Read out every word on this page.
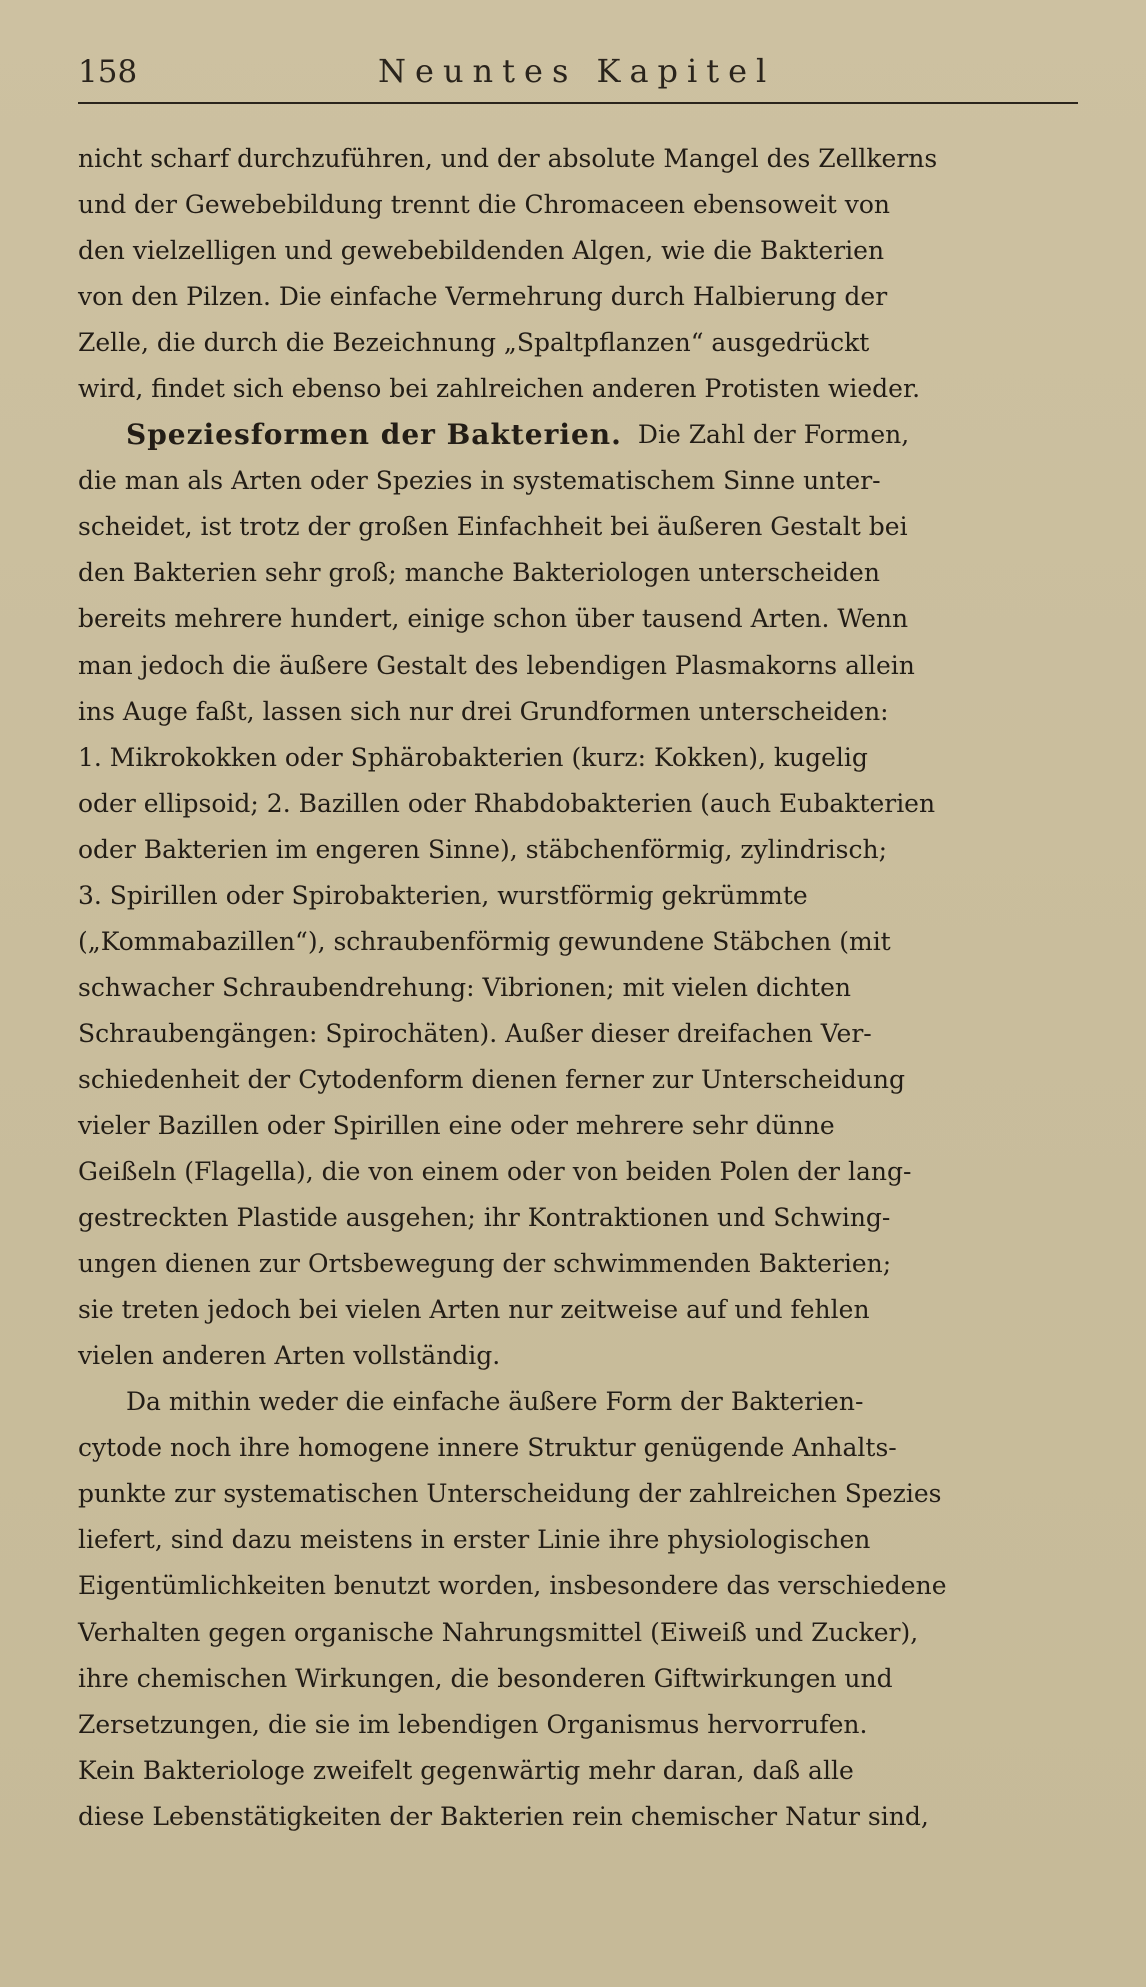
158	Neuntes Kapitel
nicht scharf durchzuführen, und der absolute Mangel des Zellkerns
und der Gewebebildung trennt die Chromaceen ebensoweit von
den vielzelligen und gewebebildenden Algen, wie die Bakterien
von den Pilzen. Die einfache Vermehrung durch Halbierung der
Zelle, die durch die Bezeichnung „Spaltpflanzen“ ausgedrückt
wird, findet sich ebenso bei zahlreichen anderen Protisten wieder.
Speziesformen der Bakterien. Die Zahl der Formen,
die man als Arten oder Spezies in systematischem Sinne unter-
scheidet, ist trotz der großen Einfachheit bei äußeren Gestalt bei
den Bakterien sehr groß; manche Bakteriologen unterscheiden
bereits mehrere hundert, einige schon über tausend Arten. Wenn
man jedoch die äußere Gestalt des lebendigen Plasmakorns allein
ins Auge faßt, lassen sich nur drei Grundformen unterscheiden:
1. Mikrokokken oder Sphärobakterien (kurz: Kokken), kugelig
oder ellipsoid; 2. Bazillen oder Rhabdobakterien (auch Eubakterien
oder Bakterien im engeren Sinne), stäbchenförmig, zylindrisch;
3. Spirillen oder Spirobakterien, wurstförmig gekrümmte
(„Kommabazillen“), schraubenförmig gewundene Stäbchen (mit
schwacher Schraubendrehung: Vibrionen; mit vielen dichten
Schraubengängen: Spirochäten). Außer dieser dreifachen Ver-
schiedenheit der Cytodenform dienen ferner zur Unterscheidung
vieler Bazillen oder Spirillen eine oder mehrere sehr dünne
Geißeln (Flagella), die von einem oder von beiden Polen der lang-
gestreckten Plastide ausgehen; ihr Kontraktionen und Schwing-
ungen dienen zur Ortsbewegung der schwimmenden Bakterien;
sie treten jedoch bei vielen Arten nur zeitweise auf und fehlen
vielen anderen Arten vollständig.
Da mithin weder die einfache äußere Form der Bakterien-
cytode noch ihre homogene innere Struktur genügende Anhalts-
punkte zur systematischen Unterscheidung der zahlreichen Spezies
liefert, sind dazu meistens in erster Linie ihre physiologischen
Eigentümlichkeiten benutzt worden, insbesondere das verschiedene
Verhalten gegen organische Nahrungsmittel (Eiweiß und Zucker),
ihre chemischen Wirkungen, die besonderen Giftwirkungen und
Zersetzungen, die sie im lebendigen Organismus hervorrufen.
Kein Bakteriologe zweifelt gegenwärtig mehr daran, daß alle
diese Lebenstätigkeiten der Bakterien rein chemischer Natur sind,
